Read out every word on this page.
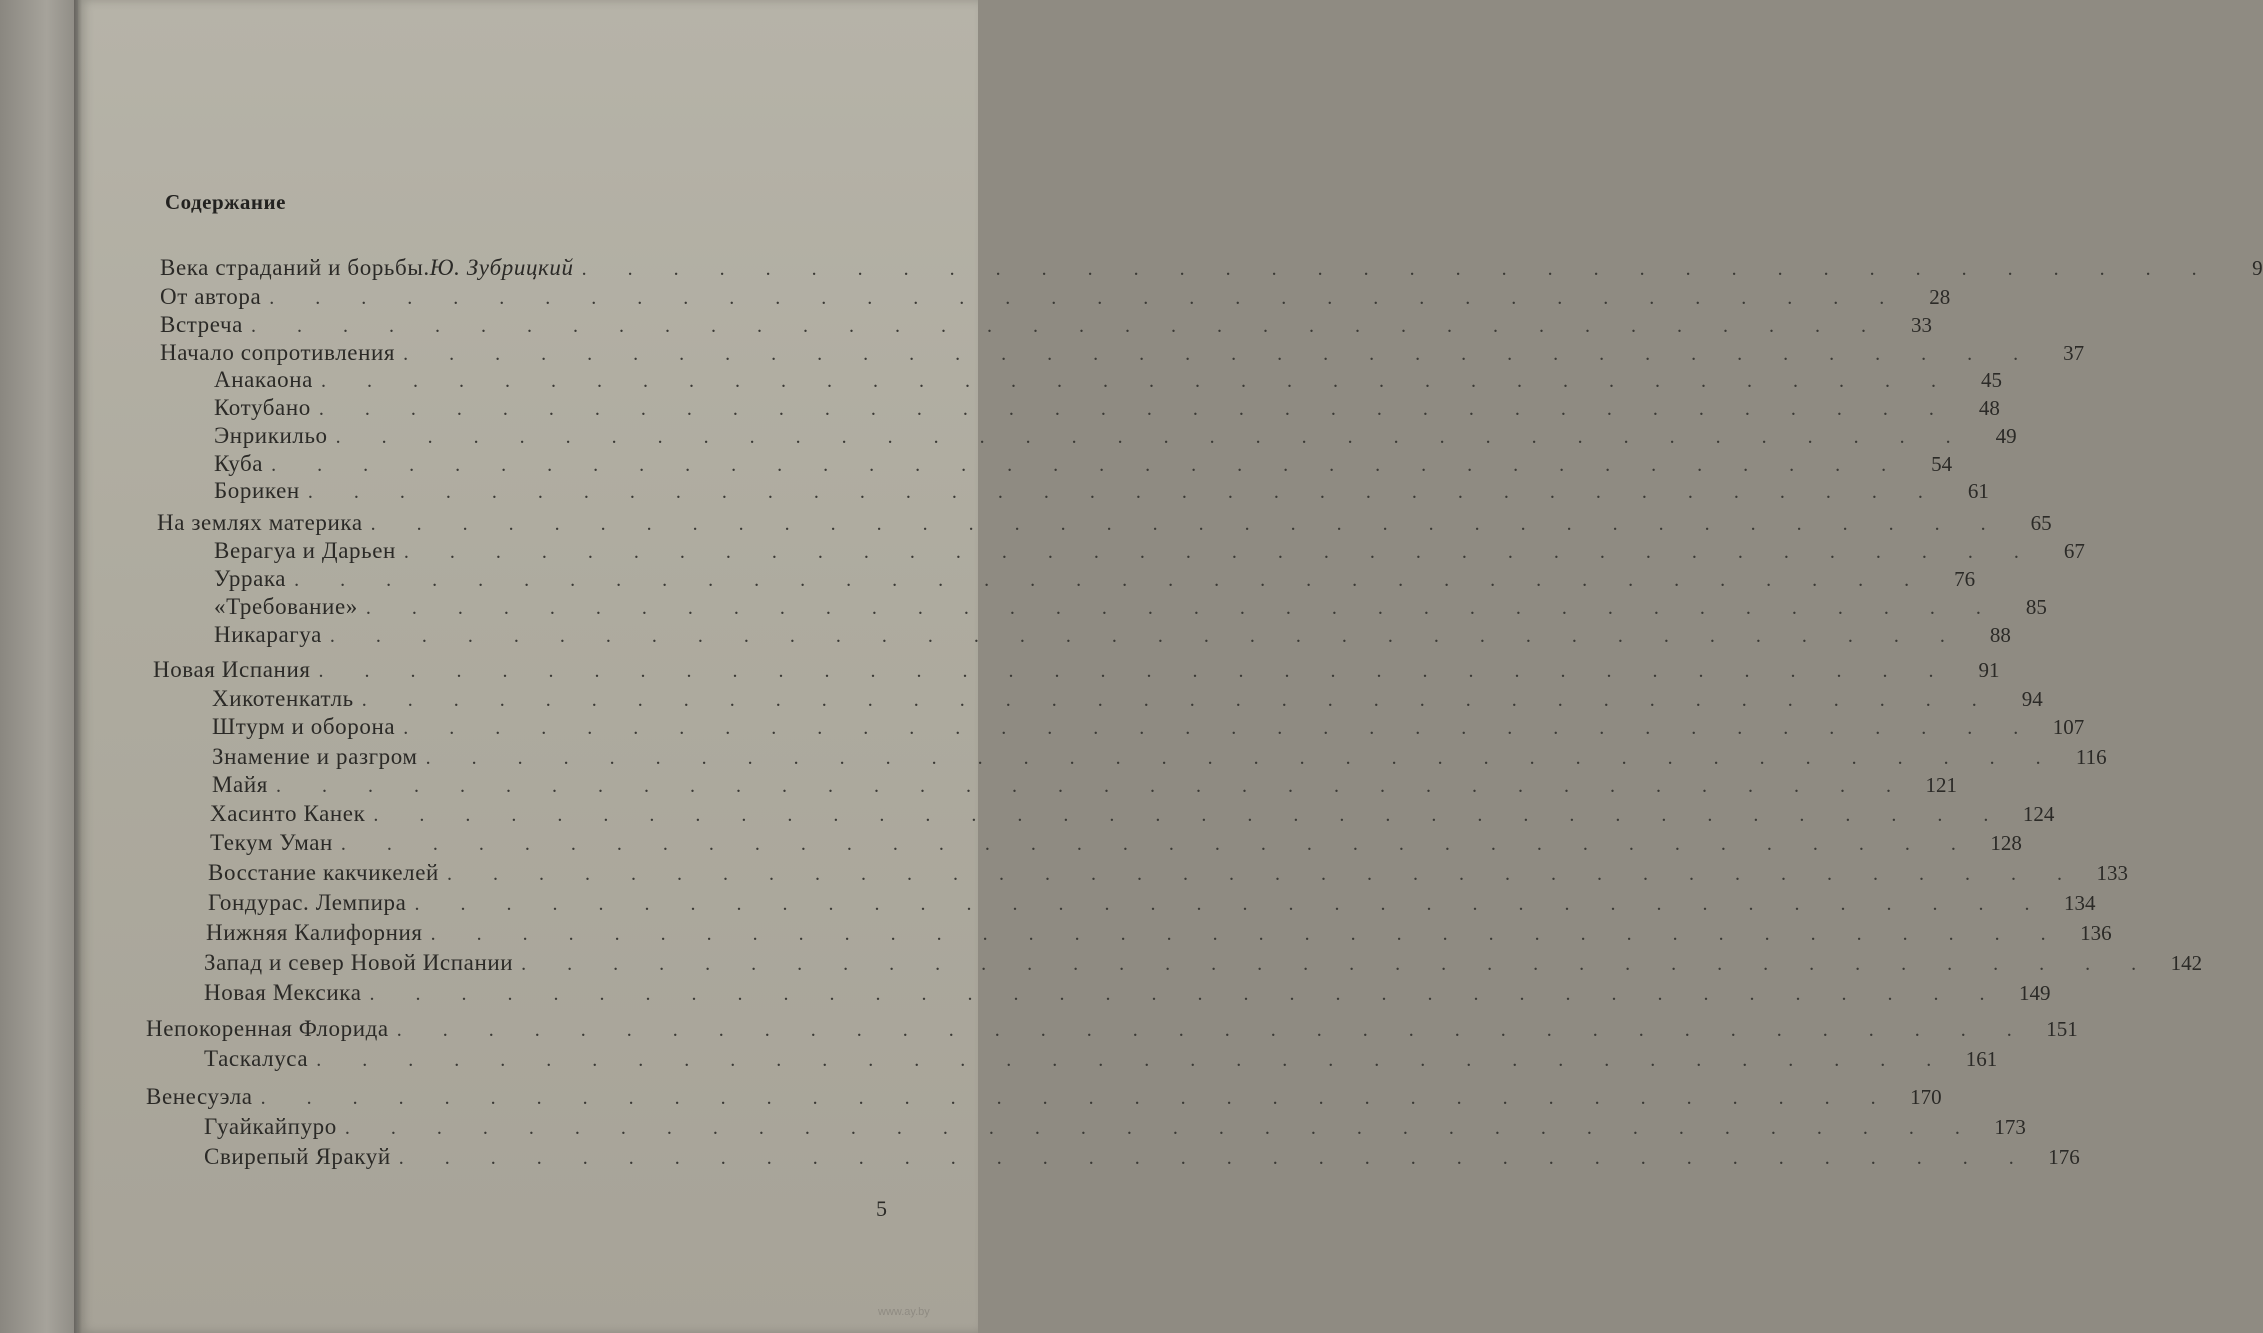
Содержание
Века страданий и борьбы. Ю. Зубрицкий . . . . . . . . . . . . . . . . . . . . . . . . . . . . . . . . . . . .	9
От автора . . . . . . . . . . . . . . . . . . . . . . . . . . . . . . . . . . . .	28
Встреча . . . . . . . . . . . . . . . . . . . . . . . . . . . . . . . . . . . .	33
Начало сопротивления . . . . . . . . . . . . . . . . . . . . . . . . . . . . . . . . . . . .	37
Анакаона . . . . . . . . . . . . . . . . . . . . . . . . . . . . . . . . . . . .	45
Котубано . . . . . . . . . . . . . . . . . . . . . . . . . . . . . . . . . . . .	48
Энрикильо . . . . . . . . . . . . . . . . . . . . . . . . . . . . . . . . . . . .	49
Куба . . . . . . . . . . . . . . . . . . . . . . . . . . . . . . . . . . . .	54
Борикен . . . . . . . . . . . . . . . . . . . . . . . . . . . . . . . . . . . .	61
На землях материка . . . . . . . . . . . . . . . . . . . . . . . . . . . . . . . . . . . .	65
Верагуа и Дарьен . . . . . . . . . . . . . . . . . . . . . . . . . . . . . . . . . . . .	67
Уррака . . . . . . . . . . . . . . . . . . . . . . . . . . . . . . . . . . . .	76
«Требование» . . . . . . . . . . . . . . . . . . . . . . . . . . . . . . . . . . . .	85
Никарагуа . . . . . . . . . . . . . . . . . . . . . . . . . . . . . . . . . . . .	88
Новая Испания . . . . . . . . . . . . . . . . . . . . . . . . . . . . . . . . . . . .	91
Хикотенкатль . . . . . . . . . . . . . . . . . . . . . . . . . . . . . . . . . . . .	94
Штурм и оборона . . . . . . . . . . . . . . . . . . . . . . . . . . . . . . . . . . . . 107
Знамение и разгром . . . . . . . . . . . . . . . . . . . . . . . . . . . . . . . . . . . . 116
Майя . . . . . . . . . . . . . . . . . . . . . . . . . . . . . . . . . . . . 121
Хасинто Канек . . . . . . . . . . . . . . . . . . . . . . . . . . . . . . . . . . . . 124
Текум Уман . . . . . . . . . . . . . . . . . . . . . . . . . . . . . . . . . . . . 128
Восстание какчикелей . . . . . . . . . . . . . . . . . . . . . . . . . . . . . . . . . . . . 133
Гондурас. Лемпира . . . . . . . . . . . . . . . . . . . . . . . . . . . . . . . . . . . . 134
Нижняя Калифорния . . . . . . . . . . . . . . . . . . . . . . . . . . . . . . . . . . . . 136
Запад и север Новой Испании . . . . . . . . . . . . . . . . . . . . . . . . . . . . . . . . . . . . 142
Новая Мексика . . . . . . . . . . . . . . . . . . . . . . . . . . . . . . . . . . . . 149
Непокоренная Флорида . . . . . . . . . . . . . . . . . . . . . . . . . . . . . . . . . . . . 151
Таскалуса . . . . . . . . . . . . . . . . . . . . . . . . . . . . . . . . . . . . 161
Венесуэла . . . . . . . . . . . . . . . . . . . . . . . . . . . . . . . . . . . . 170
Гуайкайпуро . . . . . . . . . . . . . . . . . . . . . . . . . . . . . . . . . . . . 173
Свирепый Яракуй . . . . . . . . . . . . . . . . . . . . . . . . . . . . . . . . . . . . 176
5
www.ay.by
